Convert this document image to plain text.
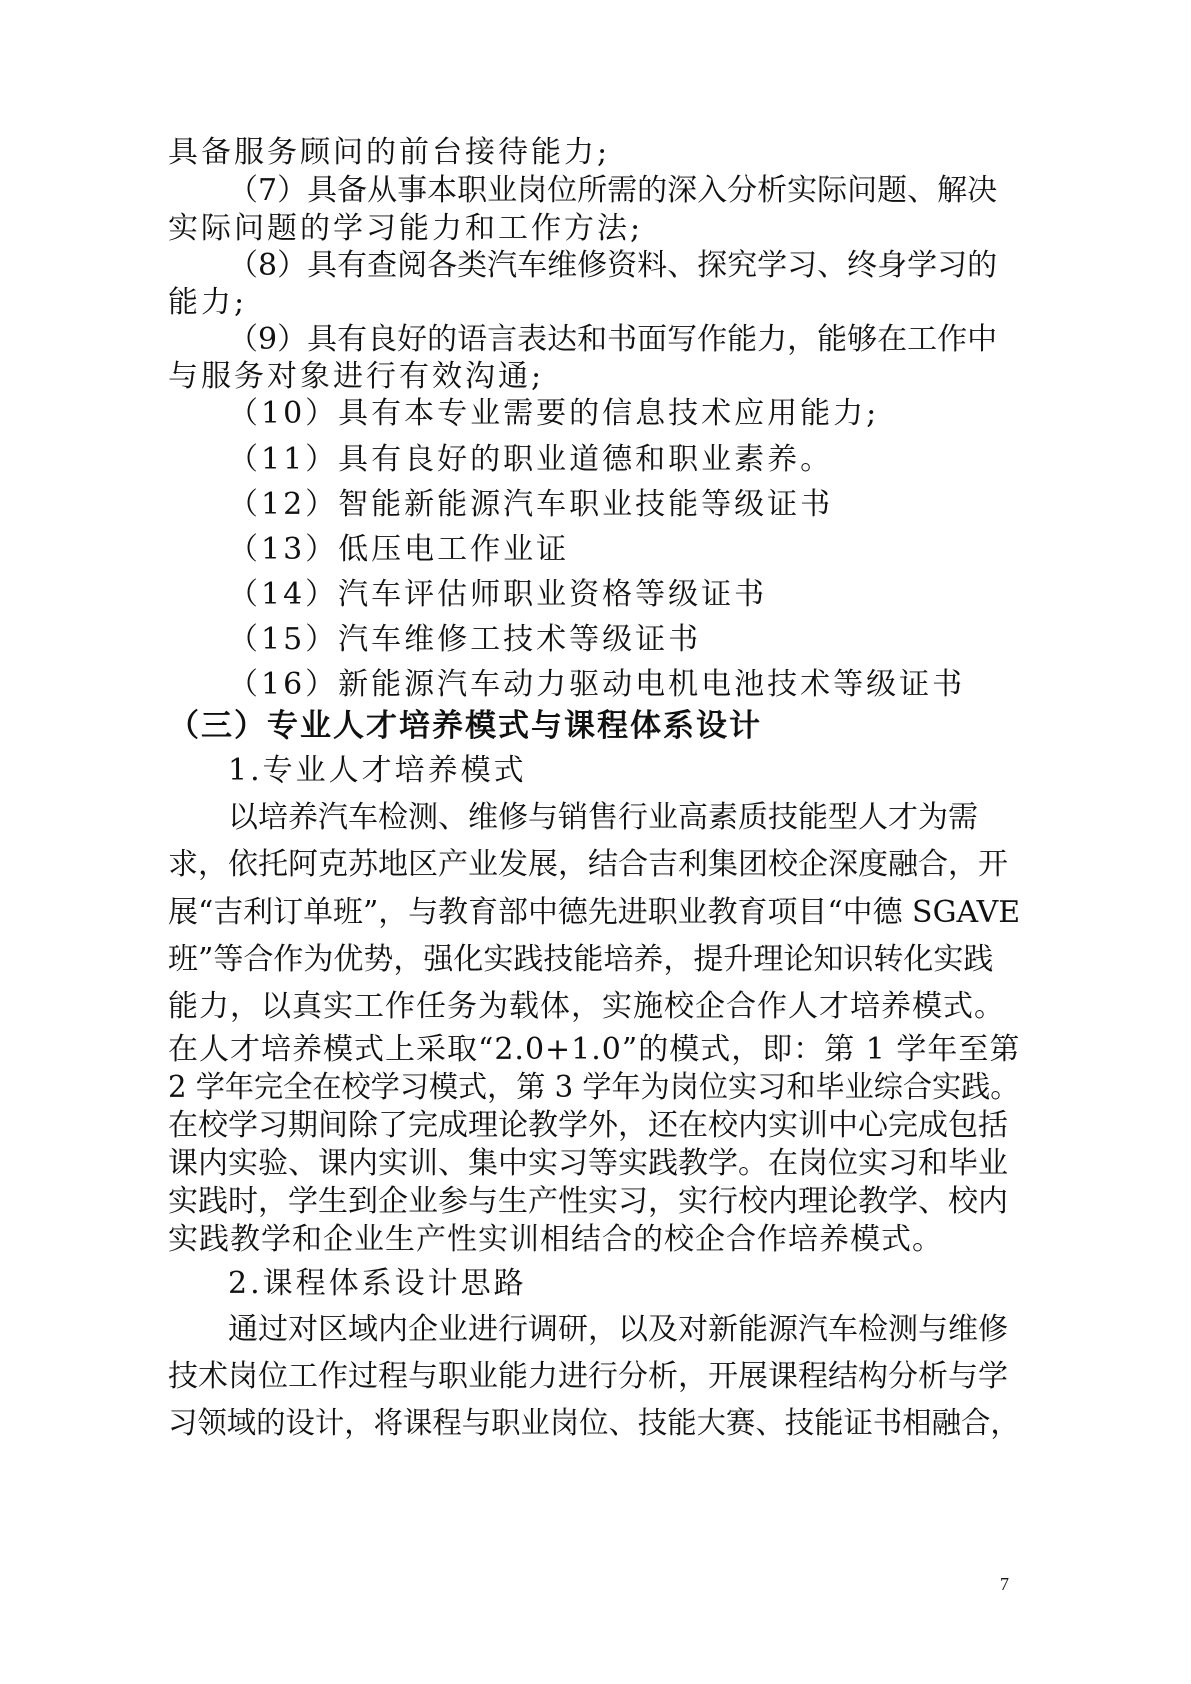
具备服务顾问的前台接待能力;
（7）具备从事本职业岗位所需的深入分析实际问题、解决
实际问题的学习能力和工作方法;
（8）具有查阅各类汽车维修资料、探究学习、终身学习的
能力;
（9）具有良好的语言表达和书面写作能力，能够在工作中
与服务对象进行有效沟通;
（10）具有本专业需要的信息技术应用能力;
（11）具有良好的职业道德和职业素养。
（12）智能新能源汽车职业技能等级证书
（13）低压电工作业证
（14）汽车评估师职业资格等级证书
（15）汽车维修工技术等级证书
（16）新能源汽车动力驱动电机电池技术等级证书
（三）专业人才培养模式与课程体系设计
1.专业人才培养模式
以培养汽车检测、维修与销售行业高素质技能型人才为需
求，依托阿克苏地区产业发展，结合吉利集团校企深度融合，开
展“吉利订单班”，与教育部中德先进职业教育项目“中德 SGAVE
班”等合作为优势，强化实践技能培养，提升理论知识转化实践
能力，以真实工作任务为载体，实施校企合作人才培养模式。
在人才培养模式上采取“2.0+1.0”的模式，即：第 1 学年至第
2 学年完全在校学习模式，第 3 学年为岗位实习和毕业综合实践。
在校学习期间除了完成理论教学外，还在校内实训中心完成包括
课内实验、课内实训、集中实习等实践教学。在岗位实习和毕业
实践时，学生到企业参与生产性实习，实行校内理论教学、校内
实践教学和企业生产性实训相结合的校企合作培养模式。
2.课程体系设计思路
通过对区域内企业进行调研，以及对新能源汽车检测与维修
技术岗位工作过程与职业能力进行分析，开展课程结构分析与学
习领域的设计，将课程与职业岗位、技能大赛、技能证书相融合，
7
